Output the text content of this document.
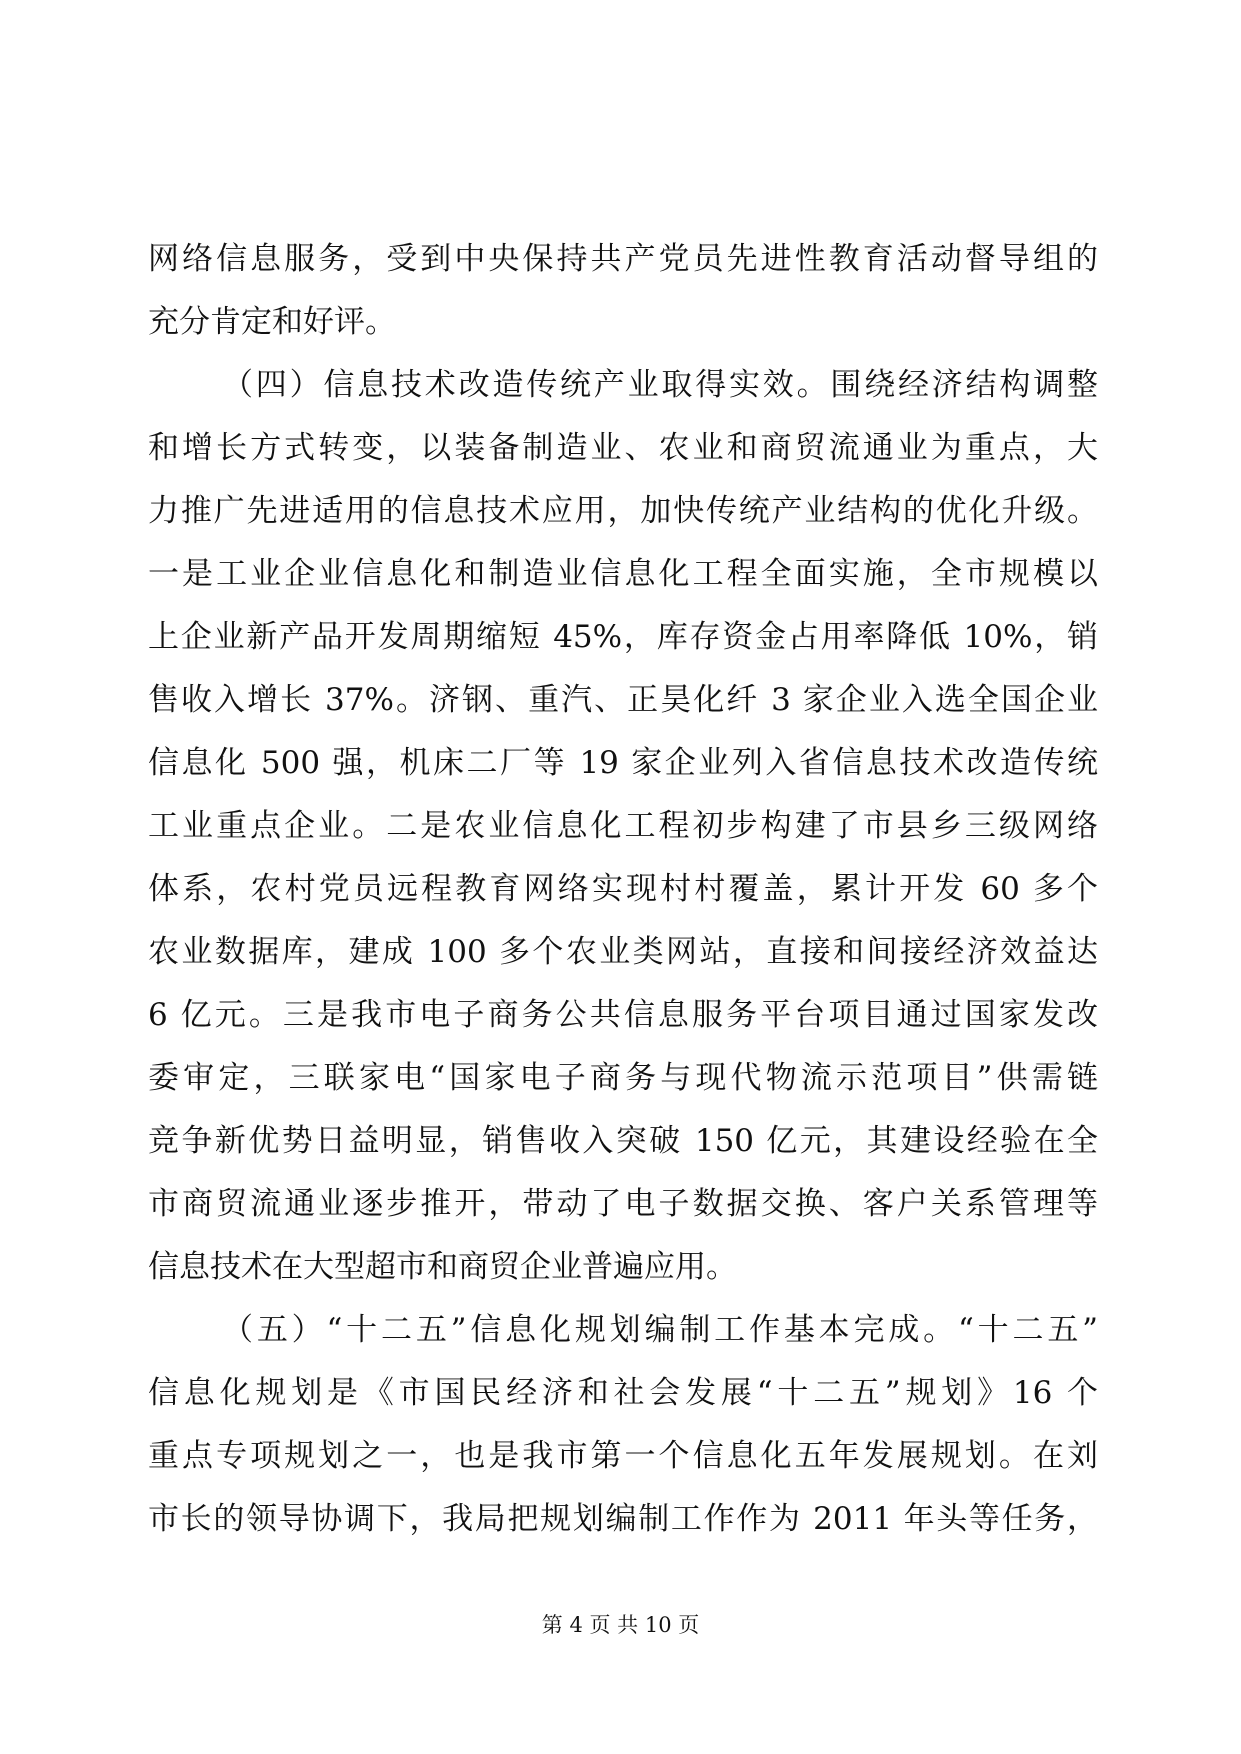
网络信息服务，受到中央保持共产党员先进性教育活动督导组的
充分肯定和好评。
（四）信息技术改造传统产业取得实效。围绕经济结构调整
和增长方式转变，以装备制造业、农业和商贸流通业为重点，大
力推广先进适用的信息技术应用，加快传统产业结构的优化升级。
一是工业企业信息化和制造业信息化工程全面实施，全市规模以
上企业新产品开发周期缩短 45%，库存资金占用率降低 10%，销
售收入增长 37%。济钢、重汽、正昊化纤 3 家企业入选全国企业
信息化 500 强，机床二厂等 19 家企业列入省信息技术改造传统
工业重点企业。二是农业信息化工程初步构建了市县乡三级网络
体系，农村党员远程教育网络实现村村覆盖，累计开发 60 多个
农业数据库，建成 100 多个农业类网站，直接和间接经济效益达
6 亿元。三是我市电子商务公共信息服务平台项目通过国家发改
委审定，三联家电“国家电子商务与现代物流示范项目”供需链
竞争新优势日益明显，销售收入突破 150 亿元，其建设经验在全
市商贸流通业逐步推开，带动了电子数据交换、客户关系管理等
信息技术在大型超市和商贸企业普遍应用。
（五）“十二五”信息化规划编制工作基本完成。“十二五”
信息化规划是《市国民经济和社会发展“十二五”规划》16 个
重点专项规划之一，也是我市第一个信息化五年发展规划。在刘
市长的领导协调下，我局把规划编制工作作为 2011 年头等任务，
第 4 页 共 10 页
